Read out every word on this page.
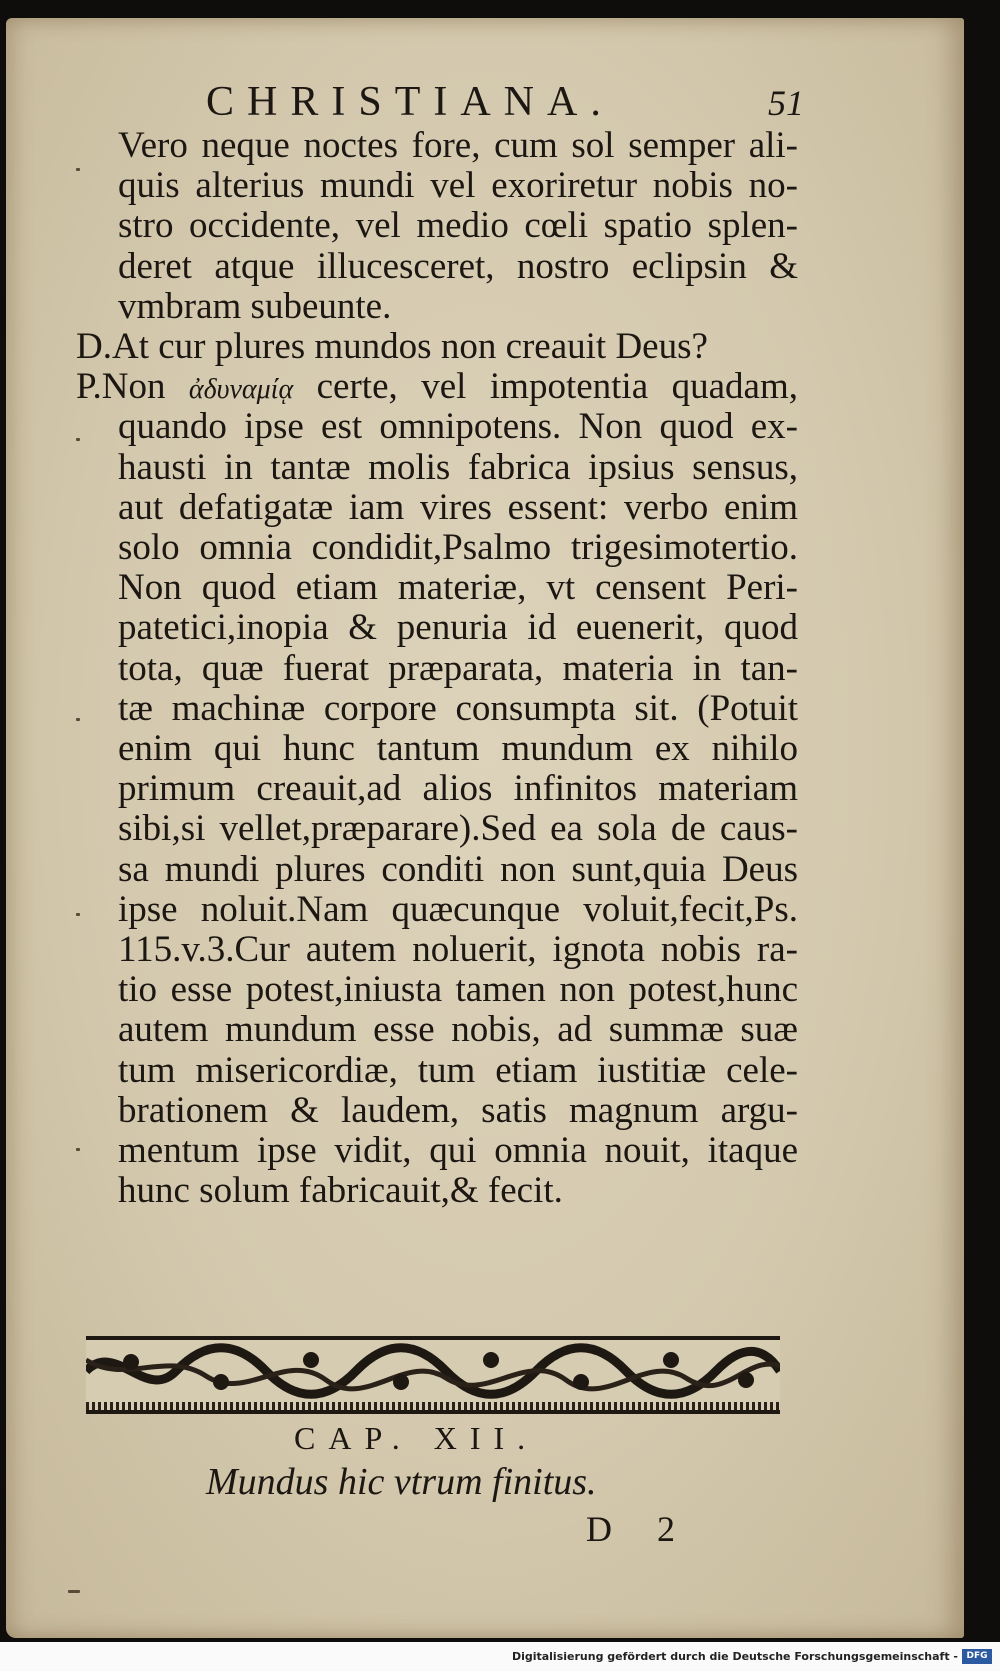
CHRISTIANA.	51
Vero neque noctes fore, cum sol semper ali-
quis alterius mundi vel exoriretur nobis no-
stro occidente, vel medio cœli spatio splen-
deret atque illucesceret, nostro eclipsin &
vmbram subeunte.
D.At cur plures mundos non creauit Deus?
P.Non ἀδυναμίᾳ certe, vel impotentia quadam,
quando ipse est omnipotens. Non quod ex-
hausti in tantæ molis fabrica ipsius sensus,
aut defatigatæ iam vires essent: verbo enim
solo omnia condidit,Psalmo trigesimotertio.
Non quod etiam materiæ, vt censent Peri-
patetici,inopia & penuria id euenerit, quod
tota, quæ fuerat præparata, materia in tan-
tæ machinæ corpore consumpta sit. (Potuit
enim qui hunc tantum mundum ex nihilo
primum creauit,ad alios infinitos materiam
sibi,si vellet,præparare).Sed ea sola de caus-
sa mundi plures conditi non sunt,quia Deus
ipse noluit.Nam quæcunque voluit,fecit,Ps.
115.v.3.Cur autem noluerit, ignota nobis ra-
tio esse potest,iniusta tamen non potest,hunc
autem mundum esse nobis, ad summæ suæ
tum misericordiæ, tum etiam iustitiæ cele-
brationem & laudem, satis magnum argu-
mentum ipse vidit, qui omnia nouit, itaque
hunc solum fabricauit,& fecit.
CAP. XII.
Mundus hic vtrum finitus.
D 2
Digitalisierung gefördert durch die Deutsche Forschungsgemeinschaft - DFG
